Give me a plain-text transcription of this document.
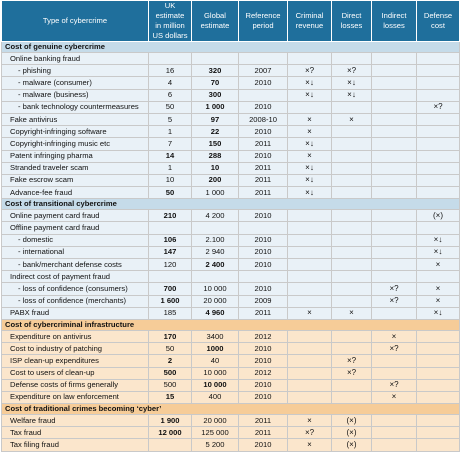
Type of cybercrime	UK estimate in million US dollars	Global estimate	Reference period	Criminal revenue	Direct losses	Indirect losses	Defense cost
Cost of genuine cybercrime							
Online banking fraud							
- phishing	16	320	2007	×?	×?		
- malware (consumer)	4	70	2010	×↓	×↓		
- malware (business)	6	300		×↓	×↓		
- bank technology countermeasures	50	1 000	2010				×?
Fake antivirus	5	97	2008-10	×	×		
Copyright-infringing software	1	22	2010	×			
Copyright-infringing music etc	7	150	2011	×↓			
Patent infringing pharma	14	288	2010	×			
Stranded traveler scam	1	10	2011	×↓			
Fake escrow scam	10	200	2011	×↓			
Advance-fee fraud	50	1 000	2011	×↓			
Cost of transitional cybercrime							
Online payment card fraud	210	4 200	2010				(×)
Offline payment card fraud							
- domestic	106	2.100	2010				×↓
- international	147	2 940	2010				×↓
- bank/merchant defense costs	120	2 400	2010				×
Indirect cost of payment fraud							
- loss of confidence (consumers)	700	10 000	2010			×?	×
- loss of confidence (merchants)	1 600	20 000	2009			×?	×
PABX fraud	185	4 960	2011	×	×		×↓
Cost of cybercriminal infrastructure							
Expenditure on antivirus	170	3400	2012			×	
Cost to industry of patching	50	1000	2010			×?	
ISP clean-up expenditures	2	40	2010		×?		
Cost to users of clean-up	500	10 000	2012		×?		
Defense costs of firms generally	500	10 000	2010			×?	
Expenditure on law enforcement	15	400	2010			×	
Cost of traditional crimes becoming ‘cyber’							
Welfare fraud	1 900	20 000	2011	×	(×)		
Tax fraud	12 000	125 000	2011	×?	(×)		
Tax filing fraud		5 200	2010	×	(×)		
